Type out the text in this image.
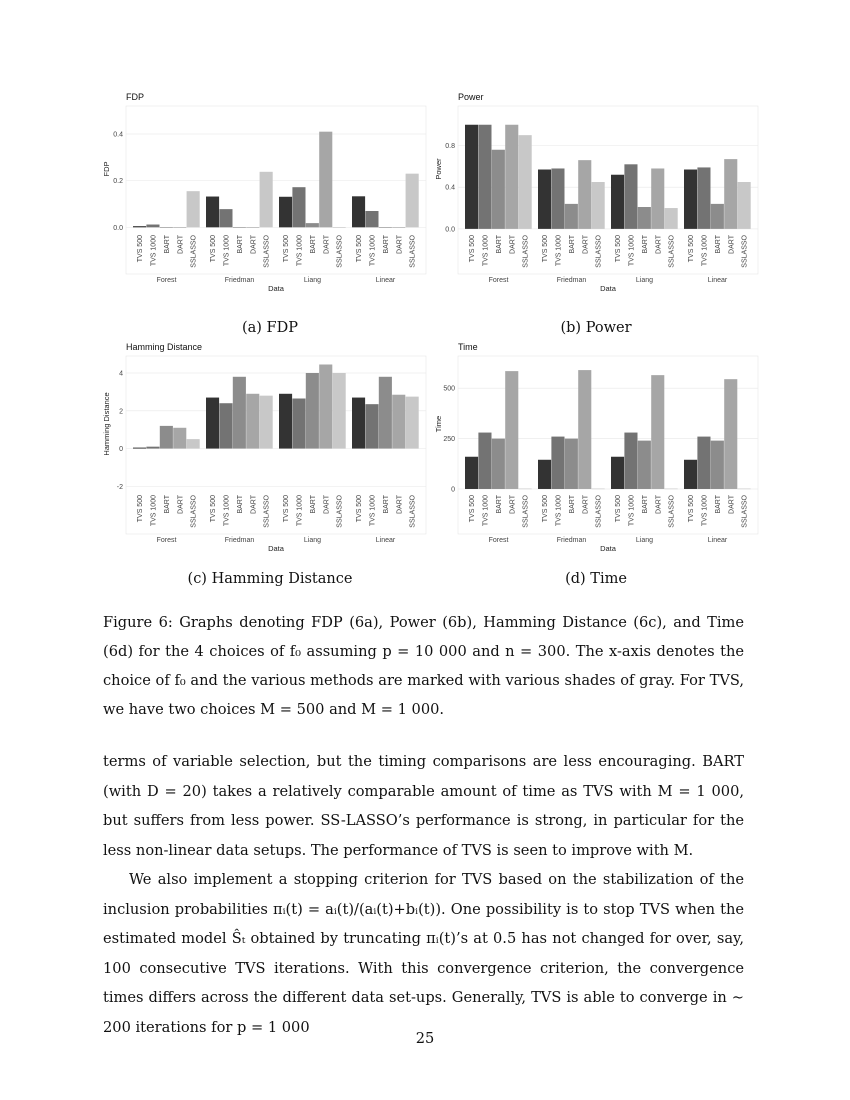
FDP
0.0
0.2
0.4
FDP
TVS 500 TVS 1000 BART DART SSLASSO
Forest
TVS 500 TVS 1000 BART DART SSLASSO
Friedman
TVS 500 TVS 1000 BART DART SSLASSO
Liang
TVS 500 TVS 1000 BART DART SSLASSO
Linear
Data
(a) FDP
Power
0.0
0.4
0.8
Power
TVS 500 TVS 1000 BART DART SSLASSO
Forest
TVS 500 TVS 1000 BART DART SSLASSO
Friedman
TVS 500 TVS 1000 BART DART SSLASSO
Liang
TVS 500 TVS 1000 BART DART SSLASSO
Linear
Data
(b) Power
Hamming Distance
-2
0
2
4
Hamming Distance
TVS 500 TVS 1000 BART DART SSLASSO
Forest
TVS 500 TVS 1000 BART DART SSLASSO
Friedman
TVS 500 TVS 1000 BART DART SSLASSO
Liang
TVS 500 TVS 1000 BART DART SSLASSO
Linear
Data
(c) Hamming Distance
Time
0
250
500
Time
TVS 500 TVS 1000 BART DART SSLASSO
Forest
TVS 500 TVS 1000 BART DART SSLASSO
Friedman
TVS 500 TVS 1000 BART DART SSLASSO
Liang
TVS 500 TVS 1000 BART DART SSLASSO
Linear
Data
(d) Time
Figure 6: Graphs denoting FDP (6a), Power (6b), Hamming Distance (6c), and Time (6d) for the 4 choices of f₀ assuming p = 10 000 and n = 300. The x-axis denotes the choice of f₀ and the various methods are marked with various shades of gray. For TVS, we have two choices M = 500 and M = 1 000.

terms of variable selection, but the timing comparisons are less encouraging. BART (with D = 20) takes a relatively comparable amount of time as TVS with M = 1 000, but suffers from less power. SS-LASSO’s performance is strong, in particular for the less non-linear data setups. The performance of TVS is seen to improve with M.

We also implement a stopping criterion for TVS based on the stabilization of the inclusion probabilities πᵢ(t) = aᵢ(t)/(aᵢ(t)+bᵢ(t)). One possibility is to stop TVS when the estimated model Ŝₜ obtained by truncating πᵢ(t)’s at 0.5 has not changed for over, say, 100 consecutive TVS iterations. With this convergence criterion, the convergence times differs across the different data set-ups. Generally, TVS is able to converge in ∼ 200 iterations for p = 1 000

25
